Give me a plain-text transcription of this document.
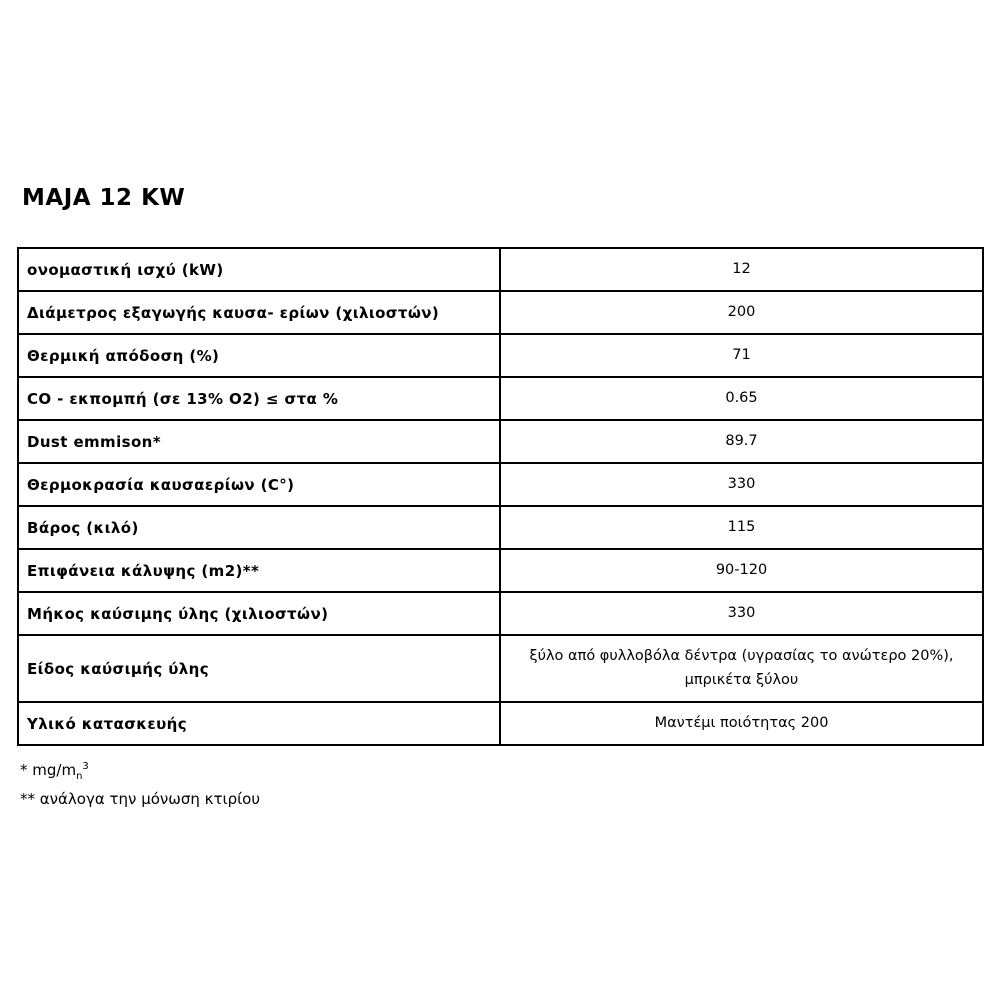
MAJA 12 KW
ονομαστική ισχύ (kW)	12
Διάμετρος εξαγωγής καυσα- ερίων (χιλιοστών)	200
Θερμική απόδοση (%)	71
CO - εκπομπή (σε 13% O2) ≤ στα %	0.65
Dust emmison*	89.7
Θερμοκρασία καυσαερίων (C°)	330
Βάρος (κιλό)	115
Επιφάνεια κάλυψης (m2)**	90-120
Μήκος καύσιμης ύλης (χιλιοστών)	330
Είδος καύσιμής ύλης	ξύλο από φυλλοβόλα δέντρα (υγρασίας το ανώτερο 20%), μπρικέτα ξύλου
Υλικό κατασκευής	Μαντέμι ποιότητας 200
* $mg/m_n^3$
** ανάλογα την μόνωση κτιρίου
